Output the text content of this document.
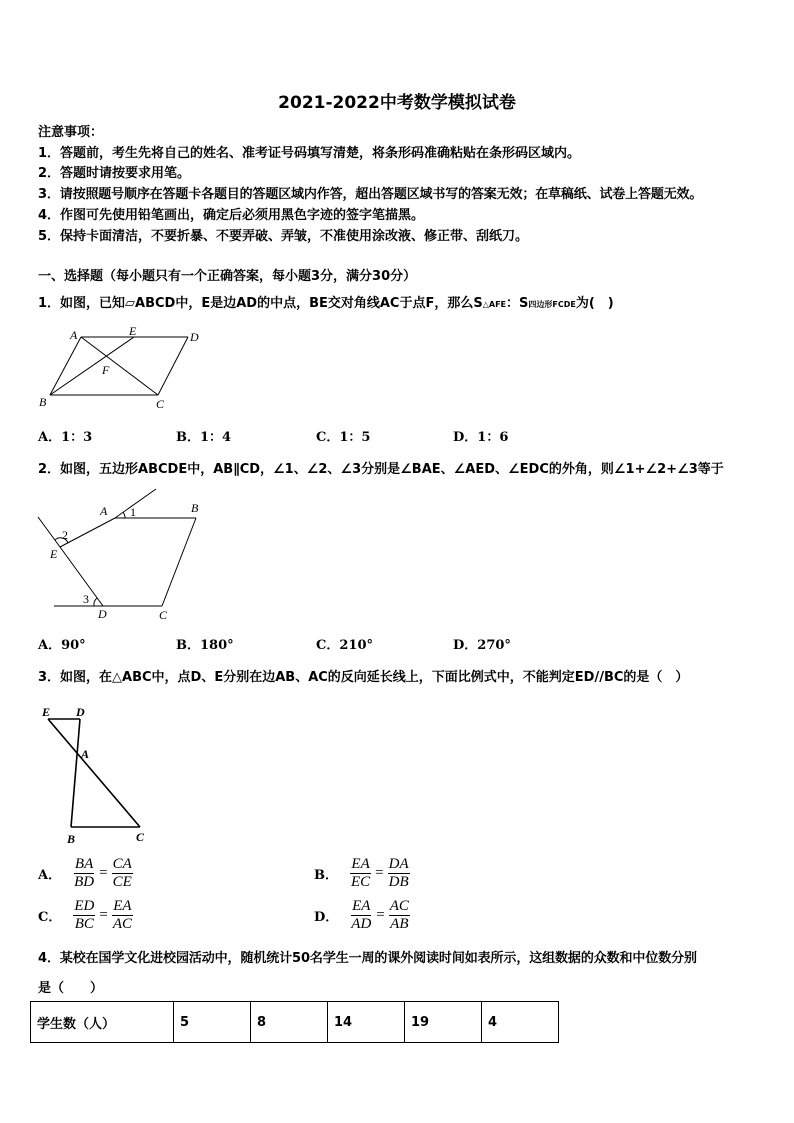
2021-2022中考数学模拟试卷
注意事项：
1．答题前，考生先将自己的姓名、准考证号码填写清楚，将条形码准确粘贴在条形码区域内。
2．答题时请按要求用笔。
3．请按照题号顺序在答题卡各题目的答题区域内作答，超出答题区域书写的答案无效；在草稿纸、试卷上答题无效。
4．作图可先使用铅笔画出，确定后必须用黑色字迹的签字笔描黑。
5．保持卡面清洁，不要折暴、不要弄破、弄皱，不准使用涂改液、修正带、刮纸刀。
一、选择题（每小题只有一个正确答案，每小题3分，满分30分）
1．如图，已知▱ABCD中，E是边AD的中点，BE交对角线AC于点F，那么S△AFE：S四边形FCDE为(　)
A	E	D
F
B	C
A．1：3	B．1：4	C．1：5	D．1：6
2．如图，五边形ABCDE中，AB∥CD，∠1、∠2、∠3分别是∠BAE、∠AED、∠EDC的外角，则∠1+∠2+∠3等于
A 1	B
2
E
3
D	C
A．90°	B．180°	C．210°	D．270°
3．如图，在△ABC中，点D、E分别在边AB、AC的反向延长线上，下面比例式中，不能判定ED//BC的是（　）
E D
A
B	C
A． $\frac{BA}{BD} = \frac{CA}{CE}$	B． $\frac{EA}{EC} = \frac{DA}{DB}$
C． $\frac{ED}{BC} = \frac{EA}{AC}$	D． $\frac{EA}{AD} = \frac{AC}{AB}$
4．某校在国学文化进校园活动中，随机统计50名学生一周的课外阅读时间如表所示，这组数据的众数和中位数分别
是（　　）
学生数（人）	5	8	14	19	4
